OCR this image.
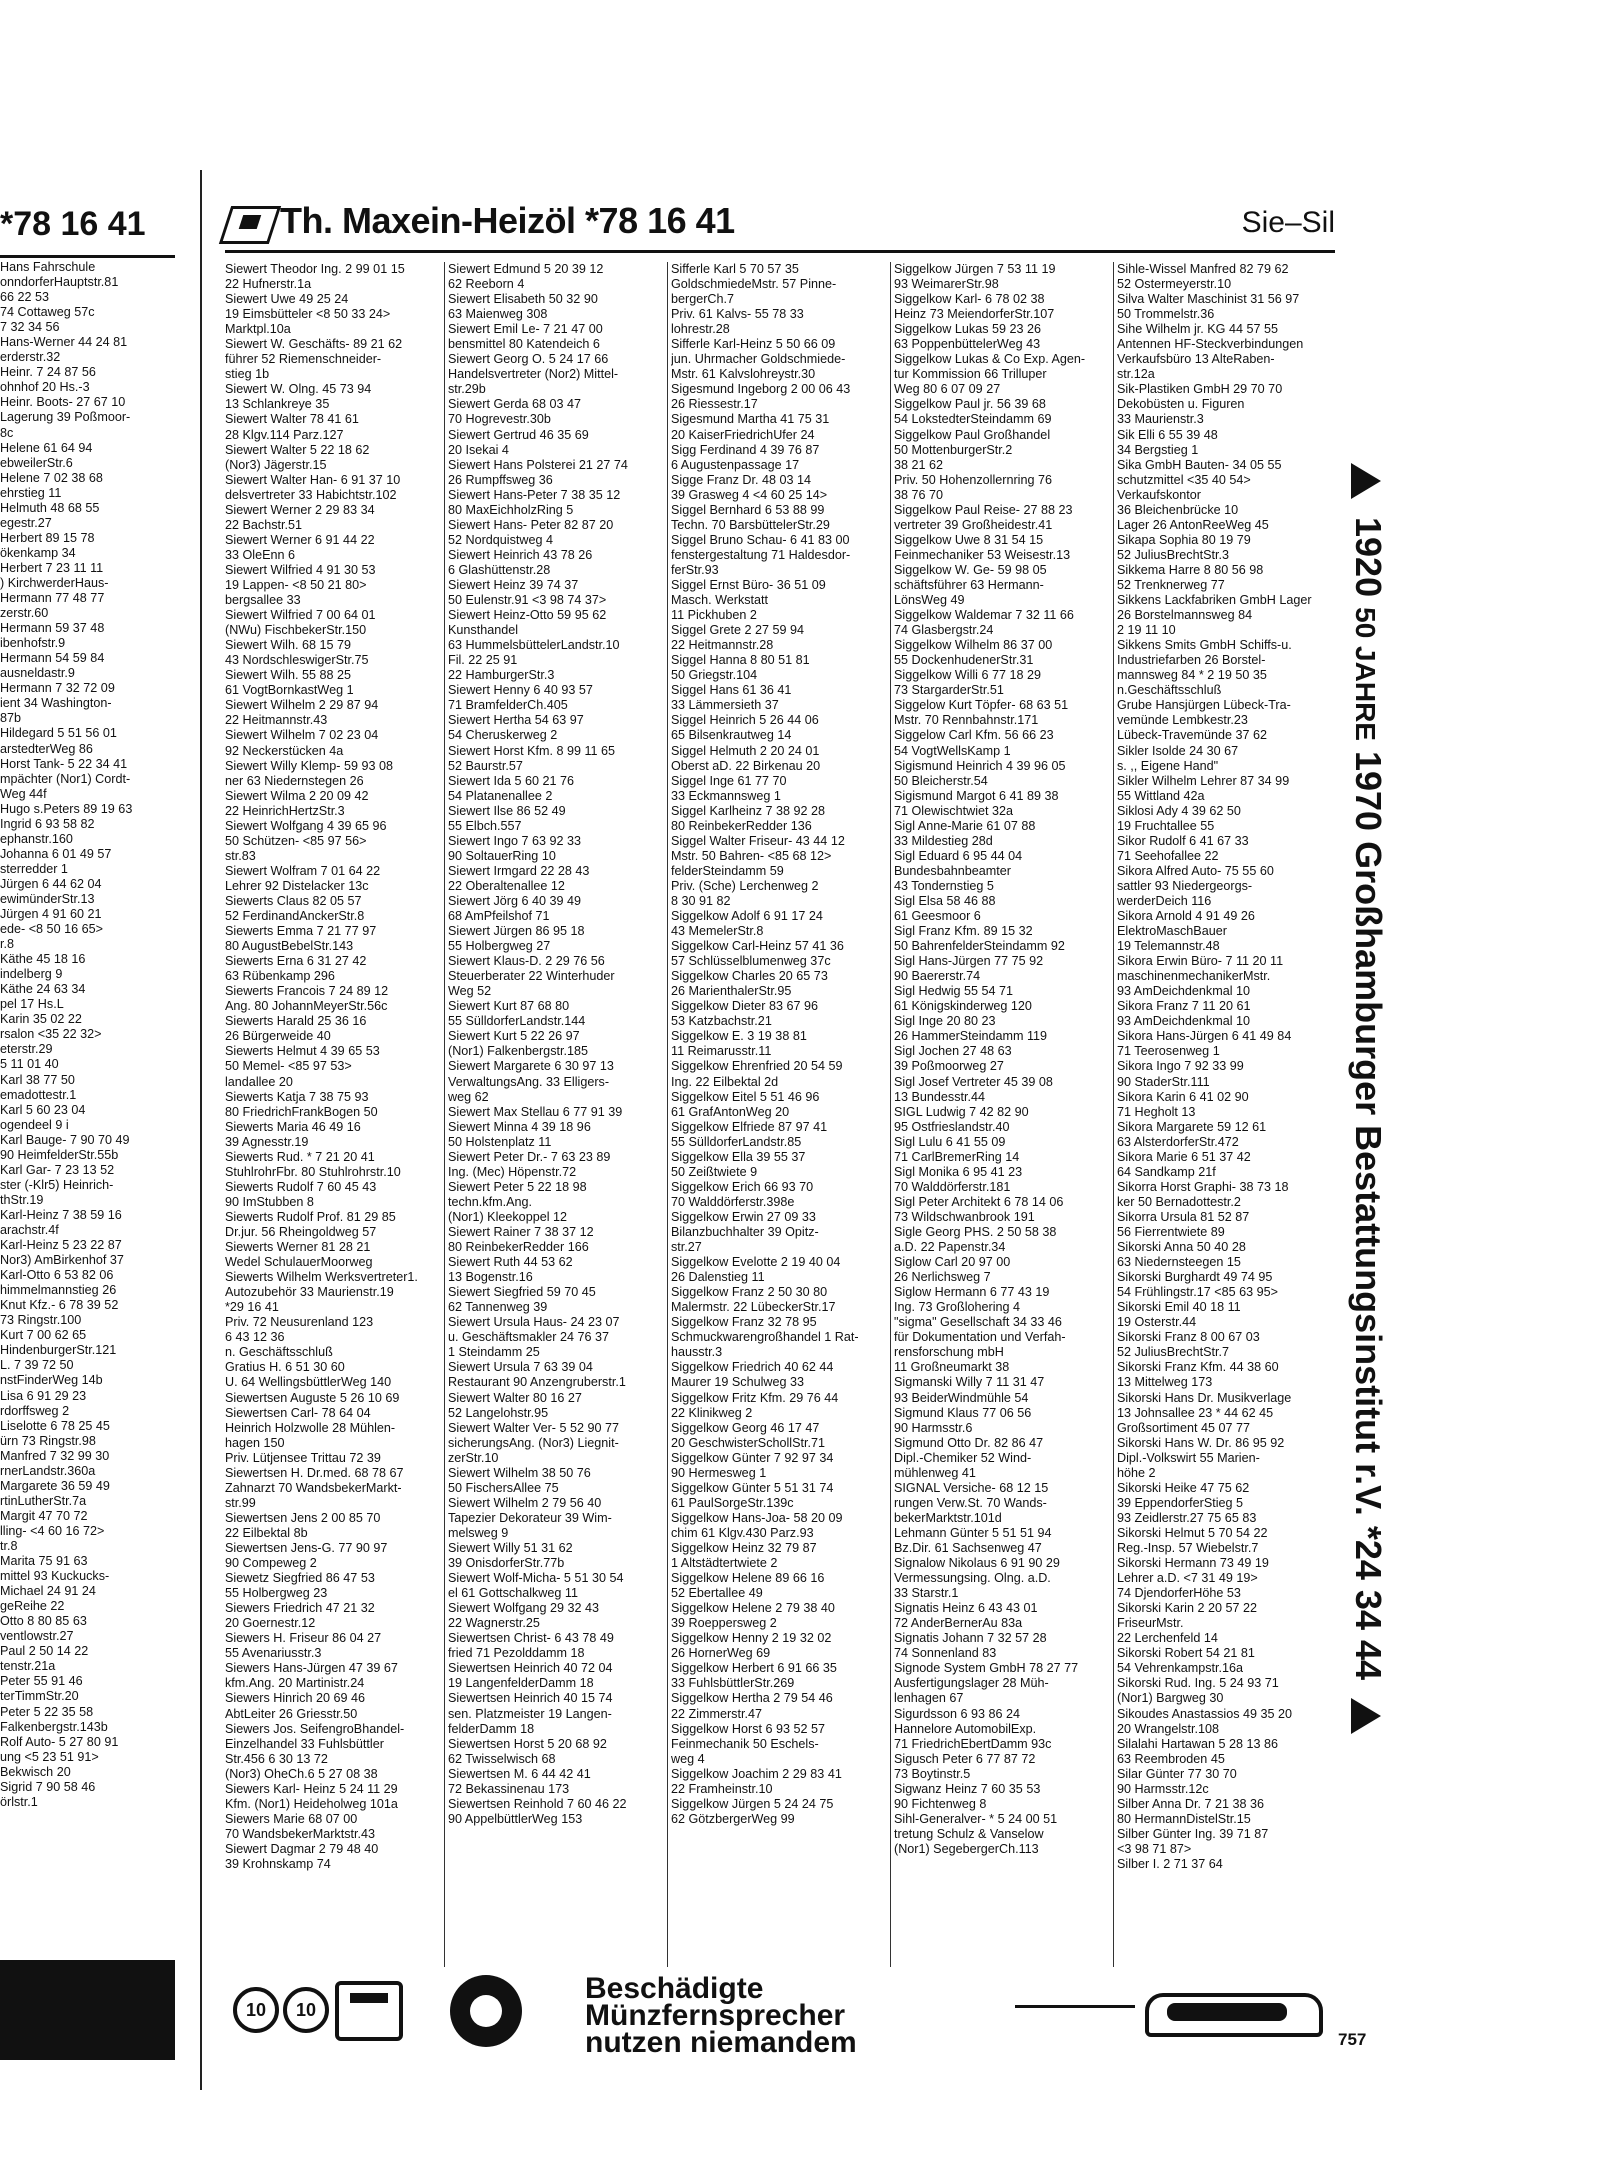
*78 16 41
Hans Fahrschule
onndorferHauptstr.81
66 22 53
74 Cottaweg 57c
7 32 34 56
Hans-Werner 44 24 81
erderstr.32
Heinr. 7 24 87 56
ohnhof 20 Hs.-3
Heinr. Boots- 27 67 10
Lagerung 39 Poßmoor-
8c
Helene 61 64 94
ebweilerStr.6
Helene 7 02 38 68
ehrstieg 11
Helmuth 48 68 55
egestr.27
Herbert 89 15 78
ökenkamp 34
Herbert 7 23 11 11
) KirchwerderHaus-
Hermann 77 48 77
zerstr.60
Hermann 59 37 48
ibenhofstr.9
Hermann 54 59 84
ausneldastr.9
Hermann 7 32 72 09
ient 34 Washington-
87b
Hildegard 5 51 56 01
arstedterWeg 86
Horst Tank- 5 22 34 41
mpächter (Nor1) Cordt-
Weg 44f
Hugo s.Peters 89 19 63
Ingrid 6 93 58 82
ephanstr.160
Johanna 6 01 49 57
sterredder 1
Jürgen 6 44 62 04
ewimünderStr.13
Jürgen 4 91 60 21
ede- <8 50 16 65>
r.8
Käthe 45 18 16
indelberg 9
Käthe 24 63 34
pel 17 Hs.L
Karin 35 02 22
rsalon <35 22 32>
eterstr.29
5 11 01 40
Karl 38 77 50
emadottestr.1
Karl 5 60 23 04
ogendeel 9 i
Karl Bauge- 7 90 70 49
90 HeimfelderStr.55b
Karl Gar- 7 23 13 52
ster (-Klr5) Heinrich-
thStr.19
Karl-Heinz 7 38 59 16
arachstr.4f
Karl-Heinz 5 23 22 87
Nor3) AmBirkenhof 37
Karl-Otto 6 53 82 06
himmelmannstieg 26
Knut Kfz.- 6 78 39 52
73 Ringstr.100
Kurt 7 00 62 65
HindenburgerStr.121
L. 7 39 72 50
nstFinderWeg 14b
Lisa 6 91 29 23
rdorffsweg 2
Liselotte 6 78 25 45
ürn 73 Ringstr.98
Manfred 7 32 99 30
rnerLandstr.360a
Margarete 36 59 49
rtinLutherStr.7a
Margit 47 70 72
lling- <4 60 16 72>
tr.8
Marita 75 91 63
mittel 93 Kuckucks-
Michael 24 91 24
geReihe 22
Otto 8 80 85 63
ventlowstr.27
Paul 2 50 14 22
tenstr.21a
Peter 55 91 46
terTimmStr.20
Peter 5 22 35 58
Falkenbergstr.143b
Rolf Auto- 5 27 80 91
ung <5 23 51 91>
Bekwisch 20
Sigrid 7 90 58 46
örlstr.1
Th. Maxein-Heizöl *78 16 41	Sie–Sil
Siewert Theodor Ing. 2 99 01 15
22 Hufnerstr.1a
Siewert Uwe 49 25 24
19 Eimsbütteler <8 50 33 24>
Marktpl.10a
Siewert W. Geschäfts- 89 21 62
führer 52 Riemenschneider-
stieg 1b
Siewert W. Olng. 45 73 94
13 Schlankreye 35
Siewert Walter 78 41 61
28 Klgv.114 Parz.127
Siewert Walter 5 22 18 62
(Nor3) Jägerstr.15
Siewert Walter Han- 6 91 37 10
delsvertreter 33 Habichtstr.102
Siewert Werner 2 29 83 34
22 Bachstr.51
Siewert Werner 6 91 44 22
33 OleEnn 6
Siewert Wilfried 4 91 30 53
19 Lappen- <8 50 21 80>
bergsallee 33
Siewert Wilfried 7 00 64 01
(NWu) FischbekerStr.150
Siewert Wilh. 68 15 79
43 NordschleswigerStr.75
Siewert Wilh. 55 88 25
61 VogtBornkastWeg 1
Siewert Wilhelm 2 29 87 94
22 Heitmannstr.43
Siewert Wilhelm 7 02 23 04
92 Neckerstücken 4a
Siewert Willy Klemp- 59 93 08
ner 63 Niedernstegen 26
Siewert Wilma 2 20 09 42
22 HeinrichHertzStr.3
Siewert Wolfgang 4 39 65 96
50 Schützen- <85 97 56>
str.83
Siewert Wolfram 7 01 64 22
Lehrer 92 Distelacker 13c
Siewerts Claus 82 05 57
52 FerdinandAnckerStr.8
Siewerts Emma 7 21 77 97
80 AugustBebelStr.143
Siewerts Erna 6 31 27 42
63 Rübenkamp 296
Siewerts Francois 7 24 89 12
Ang. 80 JohannMeyerStr.56c
Siewerts Harald 25 36 16
26 Bürgerweide 40
Siewerts Helmut 4 39 65 53
50 Memel- <85 97 53>
landallee 20
Siewerts Katja 7 38 75 93
80 FriedrichFrankBogen 50
Siewerts Maria 46 49 16
39 Agnesstr.19
Siewerts Rud. * 7 21 20 41
StuhlrohrFbr. 80 Stuhlrohrstr.10
Siewerts Rudolf 7 60 45 43
90 ImStubben 8
Siewerts Rudolf Prof. 81 29 85
Dr.jur. 56 Rheingoldweg 57
Siewerts Werner 81 28 21
Wedel SchulauerMoorweg
Siewerts Wilhelm Werksvertreter1.
Autozubehör 33 Maurienstr.19
*29 16 41
Priv. 72 Neusurenland 123
6 43 12 36
n. Geschäftsschluß
Gratius H. 6 51 30 60
U. 64 WellingsbüttlerWeg 140
Siewertsen Auguste 5 26 10 69
Siewertsen Carl- 78 64 04
Heinrich Holzwolle 28 Mühlen-
hagen 150
Priv. Lütjensee Trittau 72 39
Siewertsen H. Dr.med. 68 78 67
Zahnarzt 70 WandsbekerMarkt-
str.99
Siewertsen Jens 2 00 85 70
22 Eilbektal 8b
Siewertsen Jens-G. 77 90 97
90 Compeweg 2
Siewetz Siegfried 86 47 53
55 Holbergweg 23
Siewers Friedrich 47 21 32
20 Goernestr.12
Siewers H. Friseur 86 04 27
55 Avenariusstr.3
Siewers Hans-Jürgen 47 39 67
kfm.Ang. 20 Martinistr.24
Siewers Hinrich 20 69 46
AbtLeiter 26 Griesstr.50
Siewers Jos. SeifengroBhandel-
Einzelhandel 33 Fuhlsbüttler
Str.456 6 30 13 72
(Nor3) OheCh.6 5 27 08 38
Siewers Karl- Heinz 5 24 11 29
Kfm. (Nor1) Heideholweg 101a
Siewers Marie 68 07 00
70 WandsbekerMarktstr.43
Siewert Dagmar 2 79 48 40
39 Krohnskamp 74
Siewert Edmund 5 20 39 12
62 Reeborn 4
Siewert Elisabeth 50 32 90
63 Maienweg 308
Siewert Emil Le- 7 21 47 00
bensmittel 80 Katendeich 6
Siewert Georg O. 5 24 17 66
Handelsvertreter (Nor2) Mittel-
str.29b
Siewert Gerda 68 03 47
70 Hogrevestr.30b
Siewert Gertrud 46 35 69
20 Isekai 4
Siewert Hans Polsterei 21 27 74
26 Rumpffsweg 36
Siewert Hans-Peter 7 38 35 12
80 MaxEichholzRing 5
Siewert Hans- Peter 82 87 20
52 Nordquistweg 4
Siewert Heinrich 43 78 26
6 Glashüttenstr.28
Siewert Heinz 39 74 37
50 Eulenstr.91 <3 98 74 37>
Siewert Heinz-Otto 59 95 62
Kunsthandel
63 HummelsbüttelerLandstr.10
Fil. 22 25 91
22 HamburgerStr.3
Siewert Henny 6 40 93 57
71 BramfelderCh.405
Siewert Hertha 54 63 97
54 Cheruskerweg 2
Siewert Horst Kfm. 8 99 11 65
52 Baurstr.57
Siewert Ida 5 60 21 76
54 Platanenallee 2
Siewert Ilse 86 52 49
55 Elbch.557
Siewert Ingo 7 63 92 33
90 SoltauerRing 10
Siewert Irmgard 22 28 43
22 Oberaltenallee 12
Siewert Jörg 6 40 39 49
68 AmPfeilshof 71
Siewert Jürgen 86 95 18
55 Holbergweg 27
Siewert Klaus-D. 2 29 76 56
Steuerberater 22 Winterhuder
Weg 52
Siewert Kurt 87 68 80
55 SülldorferLandstr.144
Siewert Kurt 5 22 26 97
(Nor1) Falkenbergstr.185
Siewert Margarete 6 30 97 13
VerwaltungsAng. 33 Elligers-
weg 62
Siewert Max Stellau 6 77 91 39
Siewert Minna 4 39 18 96
50 Holstenplatz 11
Siewert Peter Dr.- 7 63 23 89
Ing. (Mec) Höpenstr.72
Siewert Peter 5 22 18 98
techn.kfm.Ang.
(Nor1) Kleekoppel 12
Siewert Rainer 7 38 37 12
80 ReinbekerRedder 166
Siewert Ruth 44 53 62
13 Bogenstr.16
Siewert Siegfried 59 70 45
62 Tannenweg 39
Siewert Ursula Haus- 24 23 07
u. Geschäftsmakler 24 76 37
1 Steindamm 25
Siewert Ursula 7 63 39 04
Restaurant 90 Anzengruberstr.1
Siewert Walter 80 16 27
52 Langelohstr.95
Siewert Walter Ver- 5 52 90 77
sicherungsAng. (Nor3) Liegnit-
zerStr.10
Siewert Wilhelm 38 50 76
50 FischersAllee 75
Siewert Wilhelm 2 79 56 40
Tapezier Dekorateur 39 Wim-
melsweg 9
Siewert Willy 51 31 62
39 OnisdorferStr.77b
Siewert Wolf-Micha- 5 51 30 54
el 61 Gottschalkweg 11
Siewert Wolfgang 29 32 43
22 Wagnerstr.25
Siewertsen Christ- 6 43 78 49
fried 71 Pezolddamm 18
Siewertsen Heinrich 40 72 04
19 LangenfelderDamm 18
Siewertsen Heinrich 40 15 74
sen. Platzmeister 19 Langen-
felderDamm 18
Siewertsen Horst 5 20 68 92
62 Twisselwisch 68
Siewertsen M. 6 44 42 41
72 Bekassinenau 173
Siewertsen Reinhold 7 60 46 22
90 AppelbüttlerWeg 153
Sifferle Karl 5 70 57 35
GoldschmiedeMstr. 57 Pinne-
bergerCh.7
Priv. 61 Kalvs- 55 78 33
lohrestr.28
Sifferle Karl-Heinz 5 50 66 09
jun. Uhrmacher Goldschmiede-
Mstr. 61 Kalvslohreystr.30
Sigesmund Ingeborg 2 00 06 43
26 Riessestr.17
Sigesmund Martha 41 75 31
20 KaiserFriedrichUfer 24
Sigg Ferdinand 4 39 76 87
6 Augustenpassage 17
Sigge Franz Dr. 48 03 14
39 Grasweg 4 <4 60 25 14>
Siggel Bernhard 6 53 88 99
Techn. 70 BarsbüttelerStr.29
Siggel Bruno Schau- 6 41 83 00
fenstergestaltung 71 Haldesdor-
ferStr.93
Siggel Ernst Büro- 36 51 09
Masch. Werkstatt
11 Pickhuben 2
Siggel Grete 2 27 59 94
22 Heitmannstr.28
Siggel Hanna 8 80 51 81
50 Griegstr.104
Siggel Hans 61 36 41
33 Lämmersieth 37
Siggel Heinrich 5 26 44 06
65 Bilsenkrautweg 14
Siggel Helmuth 2 20 24 01
Oberst aD. 22 Birkenau 20
Siggel Inge 61 77 70
33 Eckmannsweg 1
Siggel Karlheinz 7 38 92 28
80 ReinbekerRedder 136
Siggel Walter Friseur- 43 44 12
Mstr. 50 Bahren- <85 68 12>
felderSteindamm 59
Priv. (Sche) Lerchenweg 2
8 30 91 82
Siggelkow Adolf 6 91 17 24
43 MemelerStr.8
Siggelkow Carl-Heinz 57 41 36
57 Schlüsselblumenweg 37c
Siggelkow Charles 20 65 73
26 MarienthalerStr.95
Siggelkow Dieter 83 67 96
53 Katzbachstr.21
Siggelkow E. 3 19 38 81
11 Reimarusstr.11
Siggelkow Ehrenfried 20 54 59
Ing. 22 Eilbektal 2d
Siggelkow Eitel 5 51 46 96
61 GrafAntonWeg 20
Siggelkow Elfriede 87 97 41
55 SülldorferLandstr.85
Siggelkow Ella 39 55 37
50 Zeißtwiete 9
Siggelkow Erich 66 93 70
70 Walddörferstr.398e
Siggelkow Erwin 27 09 33
Bilanzbuchhalter 39 Opitz-
str.27
Siggelkow Evelotte 2 19 40 04
26 Dalenstieg 11
Siggelkow Franz 2 50 30 80
Malermstr. 22 LübeckerStr.17
Siggelkow Franz 32 78 95
Schmuckwarengroßhandel 1 Rat-
hausstr.3
Siggelkow Friedrich 40 62 44
Maurer 19 Schulweg 33
Siggelkow Fritz Kfm. 29 76 44
22 Klinikweg 2
Siggelkow Georg 46 17 47
20 GeschwisterSchollStr.71
Siggelkow Günter 7 92 97 34
90 Hermesweg 1
Siggelkow Günter 5 51 31 74
61 PaulSorgeStr.139c
Siggelkow Hans-Joa- 58 20 09
chim 61 Klgv.430 Parz.93
Siggelkow Heinz 32 79 87
1 Altstädtertwiete 2
Siggelkow Helene 89 66 16
52 Ebertallee 49
Siggelkow Helene 2 79 38 40
39 Roeppersweg 2
Siggelkow Henny 2 19 32 02
26 HornerWeg 69
Siggelkow Herbert 6 91 66 35
33 FuhlsbüttlerStr.269
Siggelkow Hertha 2 79 54 46
22 Zimmerstr.47
Siggelkow Horst 6 93 52 57
Feinmechanik 50 Eschels-
weg 4
Siggelkow Joachim 2 29 83 41
22 Framheinstr.10
Siggelkow Jürgen 5 24 24 75
62 GötzbergerWeg 99
Siggelkow Jürgen 7 53 11 19
93 WeimarerStr.98
Siggelkow Karl- 6 78 02 38
Heinz 73 MeiendorferStr.107
Siggelkow Lukas 59 23 26
63 PoppenbüttelerWeg 43
Siggelkow Lukas & Co Exp. Agen-
tur Kommission 66 Trilluper
Weg 80 6 07 09 27
Siggelkow Paul jr. 56 39 68
54 LokstedterSteindamm 69
Siggelkow Paul Großhandel
50 MottenburgerStr.2
38 21 62
Priv. 50 Hohenzollernring 76
38 76 70
Siggelkow Paul Reise- 27 88 23
vertreter 39 Großheidestr.41
Siggelkow Uwe 8 31 54 15
Feinmechaniker 53 Weisestr.13
Siggelkow W. Ge- 59 98 05
schäftsführer 63 Hermann-
LönsWeg 49
Siggelkow Waldemar 7 32 11 66
74 Glasbergstr.24
Siggelkow Wilhelm 86 37 00
55 DockenhudenerStr.31
Siggelkow Willi 6 77 18 29
73 StargarderStr.51
Siggelow Kurt Töpfer- 68 63 51
Mstr. 70 Rennbahnstr.171
Siggelow Carl Kfm. 56 66 23
54 VogtWellsKamp 1
Sigismund Heinrich 4 39 96 05
50 Bleicherstr.54
Sigismund Margot 6 41 89 38
71 Olewischtwiet 32a
Sigl Anne-Marie 61 07 88
33 Mildestieg 28d
Sigl Eduard 6 95 44 04
Bundesbahnbeamter
43 Tondernstieg 5
Sigl Elsa 58 46 88
61 Geesmoor 6
Sigl Franz Kfm. 89 15 32
50 BahrenfelderSteindamm 92
Sigl Hans-Jürgen 77 75 92
90 Baererstr.74
Sigl Hedwig 55 54 71
61 Königskinderweg 120
Sigl Inge 20 80 23
26 HammerSteindamm 119
Sigl Jochen 27 48 63
39 Poßmoorweg 27
Sigl Josef Vertreter 45 39 08
13 Bundesstr.44
SIGL Ludwig 7 42 82 90
95 Ostfrieslandstr.40
Sigl Lulu 6 41 55 09
71 CarlBremerRing 14
Sigl Monika 6 95 41 23
70 Walddörferstr.181
Sigl Peter Architekt 6 78 14 06
73 Wildschwanbrook 191
Sigle Georg PHS. 2 50 58 38
a.D. 22 Papenstr.34
Siglow Carl 20 97 00
26 Nerlichsweg 7
Siglow Hermann 6 77 43 19
Ing. 73 Großlohering 4
"sigma" Gesellschaft 34 33 46
für Dokumentation und Verfah-
rensforschung mbH
11 Großneumarkt 38
Sigmanski Willy 7 11 31 47
93 BeiderWindmühle 54
Sigmund Klaus 77 06 56
90 Harmsstr.6
Sigmund Otto Dr. 82 86 47
Dipl.-Chemiker 52 Wind-
mühlenweg 41
SIGNAL Versiche- 68 12 15
rungen Verw.St. 70 Wands-
bekerMarktstr.101d
Lehmann Günter 5 51 51 94
Bz.Dir. 61 Sachsenweg 47
Signalow Nikolaus 6 91 90 29
Vermessungsing. Olng. a.D.
33 Starstr.1
Signatis Heinz 6 43 43 01
72 AnderBernerAu 83a
Signatis Johann 7 32 57 28
74 Sonnenland 83
Signode System GmbH 78 27 77
Ausfertigungslager 28 Müh-
lenhagen 67
Sigurdsson 6 93 86 24
Hannelore AutomobilExp.
71 FriedrichEbertDamm 93c
Sigusch Peter 6 77 87 72
73 Boytinstr.5
Sigwanz Heinz 7 60 35 53
90 Fichtenweg 8
Sihl-Generalver- * 5 24 00 51
tretung Schulz & Vanselow
(Nor1) SegebergerCh.113
Sihle-Wissel Manfred 82 79 62
52 Ostermeyerstr.10
Silva Walter Maschinist 31 56 97
50 Trommelstr.36
Sihe Wilhelm jr. KG 44 57 55
Antennen HF-Steckverbindungen
Verkaufsbüro 13 AlteRaben-
str.12a
Sik-Plastiken GmbH 29 70 70
Dekobüsten u. Figuren
33 Maurienstr.3
Sik Elli 6 55 39 48
34 Bergstieg 1
Sika GmbH Bauten- 34 05 55
schutzmittel <35 40 54>
Verkaufskontor
36 Bleichenbrücke 10
Lager 26 AntonReeWeg 45
Sikapa Sophia 80 19 79
52 JuliusBrechtStr.3
Sikkema Harre 8 80 56 98
52 Trenknerweg 77
Sikkens Lackfabriken GmbH Lager
26 Borstelmannsweg 84
2 19 11 10
Sikkens Smits GmbH Schiffs-u.
Industriefarben 26 Borstel-
mannsweg 84 * 2 19 50 35
n.Geschäftsschluß
Grube Hansjürgen Lübeck-Tra-
vemünde Lembkestr.23
Lübeck-Travemünde 37 62
Sikler Isolde 24 30 67
s. ,, Eigene Hand"
Sikler Wilhelm Lehrer 87 34 99
55 Wittland 42a
Siklosi Ady 4 39 62 50
19 Fruchtallee 55
Sikor Rudolf 6 41 67 33
71 Seehofallee 22
Sikora Alfred Auto- 75 55 60
sattler 93 Niedergeorgs-
werderDeich 116
Sikora Arnold 4 91 49 26
ElektroMaschBauer
19 Telemannstr.48
Sikora Erwin Büro- 7 11 20 11
maschinenmechanikerMstr.
93 AmDeichdenkmal 10
Sikora Franz 7 11 20 61
93 AmDeichdenkmal 10
Sikora Hans-Jürgen 6 41 49 84
71 Teerosenweg 1
Sikora Ingo 7 92 33 99
90 StaderStr.111
Sikora Karin 6 41 02 90
71 Hegholt 13
Sikora Margarete 59 12 61
63 AlsterdorferStr.472
Sikora Marie 6 51 37 42
64 Sandkamp 21f
Sikorra Horst Graphi- 38 73 18
ker 50 Bernadottestr.2
Sikorra Ursula 81 52 87
56 Fierrentwiete 89
Sikorski Anna 50 40 28
63 Niedernsteegen 15
Sikorski Burghardt 49 74 95
54 Frühlingstr.17 <85 63 95>
Sikorski Emil 40 18 11
19 Osterstr.44
Sikorski Franz 8 00 67 03
52 JuliusBrechtStr.7
Sikorski Franz Kfm. 44 38 60
13 Mittelweg 173
Sikorski Hans Dr. Musikverlage
13 Johnsallee 23 * 44 62 45
Großsortiment 45 07 77
Sikorski Hans W. Dr. 86 95 92
Dipl.-Volkswirt 55 Marien-
höhe 2
Sikorski Heike 47 75 62
39 EppendorferStieg 5
93 Zeidlerstr.27 75 65 83
Sikorski Helmut 5 70 54 22
Reg.-Insp. 57 Wiebelstr.7
Sikorski Hermann 73 49 19
Lehrer a.D. <7 31 49 19>
74 DjendorferHöhe 53
Sikorski Karin 2 20 57 22
FriseurMstr.
22 Lerchenfeld 14
Sikorski Robert 54 21 81
54 Vehrenkampstr.16a
Sikorski Rud. Ing. 5 24 93 71
(Nor1) Bargweg 30
Sikoudes Anastassios 49 35 20
20 Wrangelstr.108
Silalahi Hartawan 5 28 13 86
63 Reembroden 45
Silar Günter 77 30 70
90 Harmsstr.12c
Silber Anna Dr. 7 21 38 36
80 HermannDistelStr.15
Silber Günter Ing. 39 71 87
<3 98 71 87>
Silber I. 2 71 37 64
1920 50 JAHRE 1970 Großhamburger Bestattungsinstitut r.V. *24 34 44
10	10
Beschädigte
Münzfernsprecher
nutzen niemandem	757
